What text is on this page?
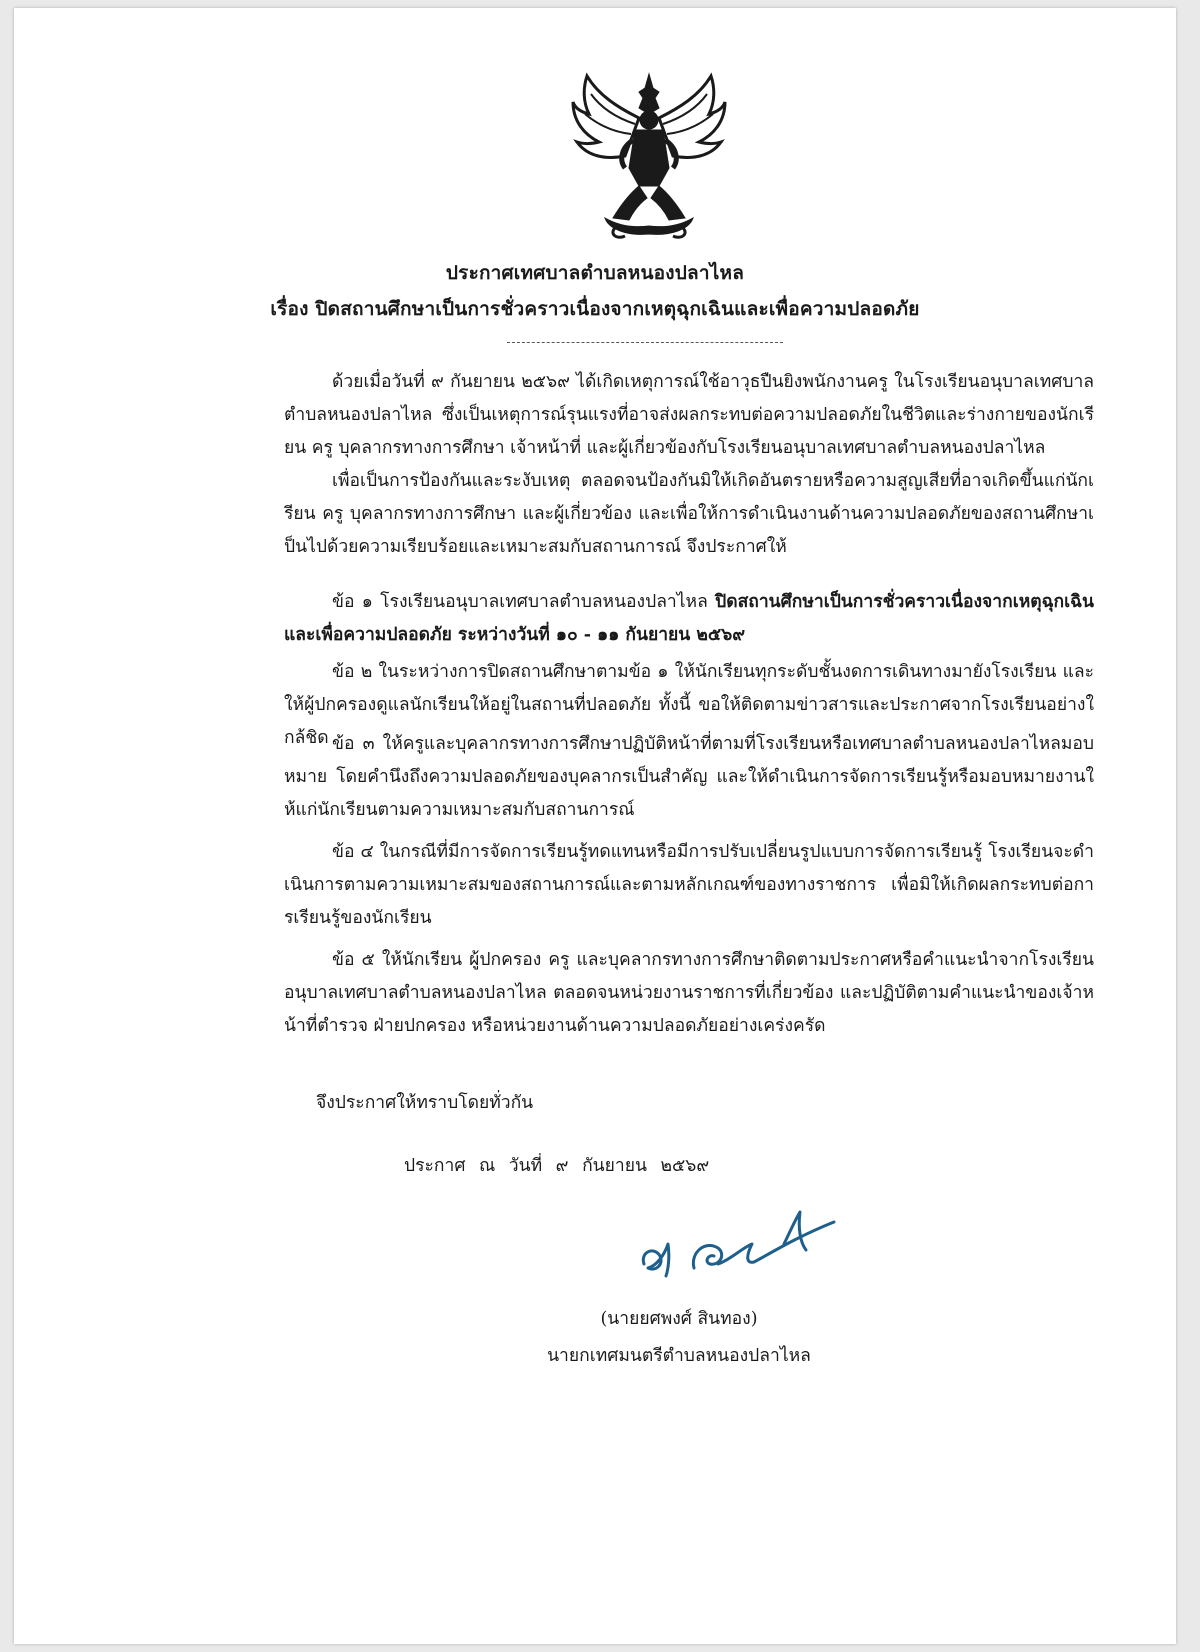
ประกาศเทศบาลตำบลหนองปลาไหล
เรื่อง ปิดสถานศึกษาเป็นการชั่วคราวเนื่องจากเหตุฉุกเฉินและเพื่อความปลอดภัย
ด้วยเมื่อวันที่ ๙ กันยายน ๒๕๖๙ ได้เกิดเหตุการณ์ใช้อาวุธปืนยิงพนักงานครู ในโรงเรียนอนุบาลเทศบาลตำบลหนองปลาไหล ซึ่งเป็นเหตุการณ์รุนแรงที่อาจส่งผลกระทบต่อความปลอดภัยในชีวิตและร่างกายของนักเรียน ครู บุคลากรทางการศึกษา เจ้าหน้าที่ และผู้เกี่ยวข้องกับโรงเรียนอนุบาลเทศบาลตำบลหนองปลาไหล
เพื่อเป็นการป้องกันและระงับเหตุ ตลอดจนป้องกันมิให้เกิดอันตรายหรือความสูญเสียที่อาจเกิดขึ้นแก่นักเรียน ครู บุคลากรทางการศึกษา และผู้เกี่ยวข้อง และเพื่อให้การดำเนินงานด้านความปลอดภัยของสถานศึกษาเป็นไปด้วยความเรียบร้อยและเหมาะสมกับสถานการณ์ จึงประกาศให้
ข้อ ๑ โรงเรียนอนุบาลเทศบาลตำบลหนองปลาไหล ปิดสถานศึกษาเป็นการชั่วคราวเนื่องจากเหตุฉุกเฉินและเพื่อความปลอดภัย ระหว่างวันที่ ๑๐ - ๑๑ กันยายน ๒๕๖๙
ข้อ ๒ ในระหว่างการปิดสถานศึกษาตามข้อ ๑ ให้นักเรียนทุกระดับชั้นงดการเดินทางมายังโรงเรียน และให้ผู้ปกครองดูแลนักเรียนให้อยู่ในสถานที่ปลอดภัย ทั้งนี้ ขอให้ติดตามข่าวสารและประกาศจากโรงเรียนอย่างใกล้ชิด ข้อ ๓ ให้ครูและบุคลากรทางการศึกษาปฏิบัติหน้าที่ตามที่โรงเรียนหรือเทศบาลตำบลหนองปลาไหลมอบหมาย โดยคำนึงถึงความปลอดภัยของบุคลากรเป็นสำคัญ และให้ดำเนินการจัดการเรียนรู้หรือมอบหมายงานให้แก่นักเรียนตามความเหมาะสมกับสถานการณ์
ข้อ ๔ ในกรณีที่มีการจัดการเรียนรู้ทดแทนหรือมีการปรับเปลี่ยนรูปแบบการจัดการเรียนรู้ โรงเรียนจะดำเนินการตามความเหมาะสมของสถานการณ์และตามหลักเกณฑ์ของทางราชการ เพื่อมิให้เกิดผลกระทบต่อการเรียนรู้ของนักเรียน
ข้อ ๕ ให้นักเรียน ผู้ปกครอง ครู และบุคลากรทางการศึกษาติดตามประกาศหรือคำแนะนำจากโรงเรียนอนุบาลเทศบาลตำบลหนองปลาไหล ตลอดจนหน่วยงานราชการที่เกี่ยวข้อง และปฏิบัติตามคำแนะนำของเจ้าหน้าที่ตำรวจ ฝ่ายปกครอง หรือหน่วยงานด้านความปลอดภัยอย่างเคร่งครัด
จึงประกาศให้ทราบโดยทั่วกัน
ประกาศ ณ วันที่ ๙ กันยายน ๒๕๖๙
(นายยศพงศ์ สินทอง)
นายกเทศมนตรีตำบลหนองปลาไหล
